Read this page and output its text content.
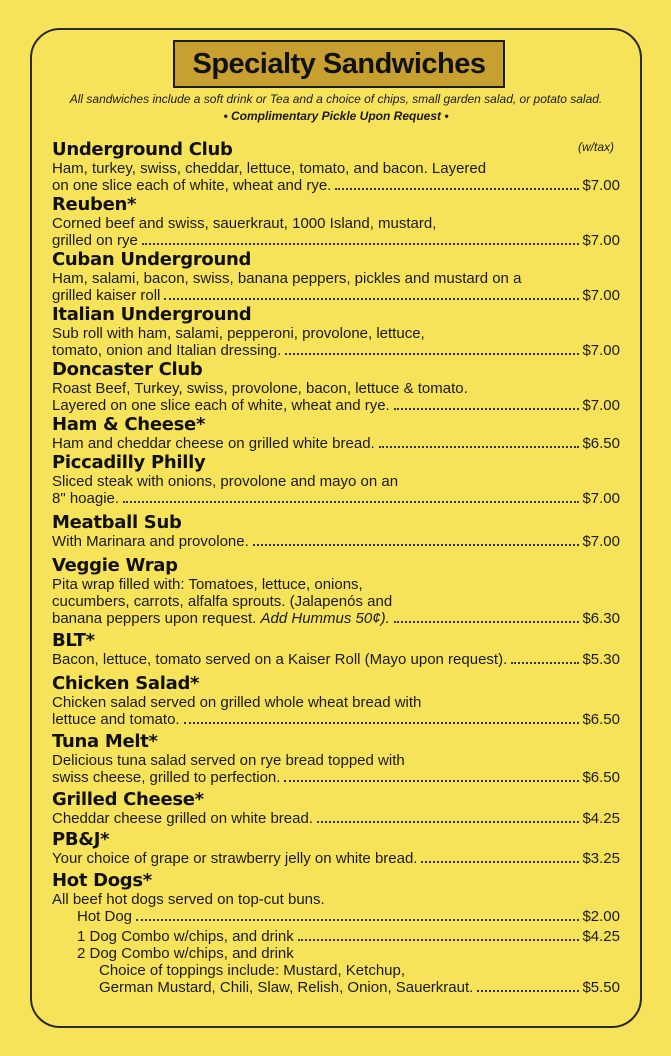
Specialty Sandwiches
All sandwiches include a soft drink or Tea and a choice of chips, small garden salad, or potato salad.
• Complimentary Pickle Upon Request •
(w/tax)
Underground Club
Ham, turkey, swiss, cheddar, lettuce, tomato, and bacon. Layered
on one slice each of white, wheat and rye.	$7.00
Reuben*
Corned beef and swiss, sauerkraut, 1000 Island, mustard,
grilled on rye	$7.00
Cuban Underground
Ham, salami, bacon, swiss, banana peppers, pickles and mustard on a
grilled kaiser roll	$7.00
Italian Underground
Sub roll with ham, salami, pepperoni, provolone, lettuce,
tomato, onion and Italian dressing.	$7.00
Doncaster Club
Roast Beef, Turkey, swiss, provolone, bacon, lettuce & tomato.
Layered on one slice each of white, wheat and rye.	$7.00
Ham & Cheese*
Ham and cheddar cheese on grilled white bread.	$6.50
Piccadilly Philly
Sliced steak with onions, provolone and mayo on an
8" hoagie.	$7.00
Meatball Sub
With Marinara and provolone.	$7.00
Veggie Wrap
Pita wrap filled with: Tomatoes, lettuce, onions,
cucumbers, carrots, alfalfa sprouts. (Jalapenós and
banana peppers upon request. Add Hummus 50¢).	$6.30
BLT*
Bacon, lettuce, tomato served on a Kaiser Roll (Mayo upon request).	$5.30
Chicken Salad*
Chicken salad served on grilled whole wheat bread with
lettuce and tomato.	$6.50
Tuna Melt*
Delicious tuna salad served on rye bread topped with
swiss cheese, grilled to perfection.	$6.50
Grilled Cheese*
Cheddar cheese grilled on white bread.	$4.25
PB&J*
Your choice of grape or strawberry jelly on white bread.	$3.25
Hot Dogs*
All beef hot dogs served on top-cut buns.
Hot Dog	$2.00
1 Dog Combo w/chips, and drink	$4.25
2 Dog Combo w/chips, and drink
Choice of toppings include: Mustard, Ketchup,
German Mustard, Chili, Slaw, Relish, Onion, Sauerkraut.	$5.50
